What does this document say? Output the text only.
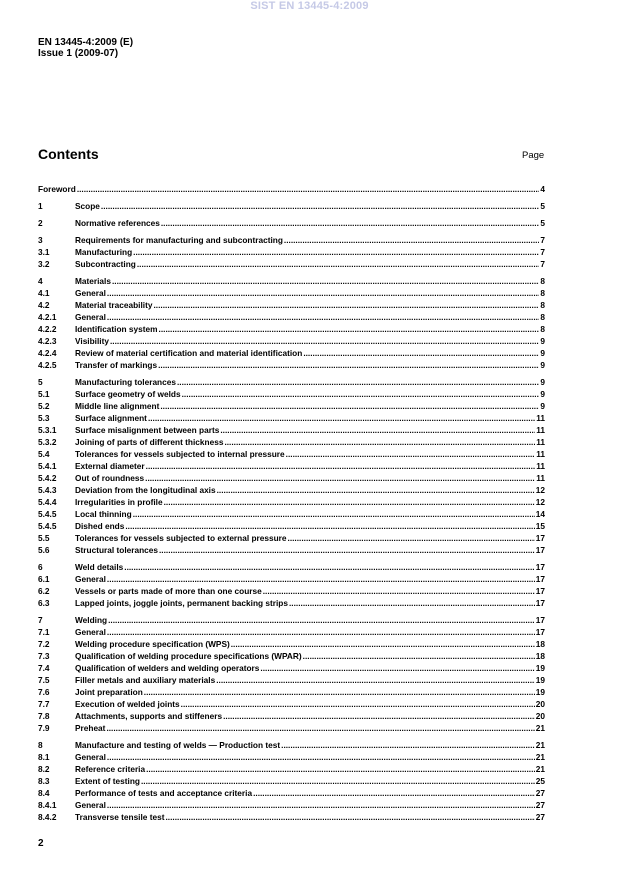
SIST EN 13445-4:2009
EN 13445-4:2009 (E)
Issue 1 (2009-07)
Contents	Page
Foreword .....	4
1	Scope .....	5
2	Normative references .....	5
3	Requirements for manufacturing and subcontracting .....	7
3.1	Manufacturing .....	7
3.2	Subcontracting .....	7
4	Materials .....	8
4.1	General .....	8
4.2	Material traceability .....	8
4.2.1	General .....	8
4.2.2	Identification system .....	8
4.2.3	Visibility .....	9
4.2.4	Review of material certification and material identification .....	9
4.2.5	Transfer of markings .....	9
5	Manufacturing tolerances .....	9
5.1	Surface geometry of welds .....	9
5.2	Middle line alignment .....	9
5.3	Surface alignment .....	11
5.3.1	Surface misalignment between parts .....	11
5.3.2	Joining of parts of different thickness .....	11
5.4	Tolerances for vessels subjected to internal pressure .....	11
5.4.1	External diameter .....	11
5.4.2	Out of roundness .....	11
5.4.3	Deviation from the longitudinal axis .....	12
5.4.4	Irregularities in profile .....	12
5.4.5	Local thinning .....	14
5.4.5	Dished ends .....	15
5.5	Tolerances for vessels subjected to external pressure .....	17
5.6	Structural tolerances .....	17
6	Weld details .....	17
6.1	General .....	17
6.2	Vessels or parts made of more than one course .....	17
6.3	Lapped joints, joggle joints, permanent backing strips .....	17
7	Welding .....	17
7.1	General .....	17
7.2	Welding procedure specification (WPS) .....	18
7.3	Qualification of welding procedure specifications (WPAR) .....	18
7.4	Qualification of welders and welding operators .....	19
7.5	Filler metals and auxiliary materials .....	19
7.6	Joint preparation .....	19
7.7	Execution of welded joints .....	20
7.8	Attachments, supports and stiffeners .....	20
7.9	Preheat .....	21
8	Manufacture and testing of welds — Production test .....	21
8.1	General .....	21
8.2	Reference criteria .....	21
8.3	Extent of testing .....	25
8.4	Performance of tests and acceptance criteria .....	27
8.4.1	General .....	27
8.4.2	Transverse tensile test .....	27
2
